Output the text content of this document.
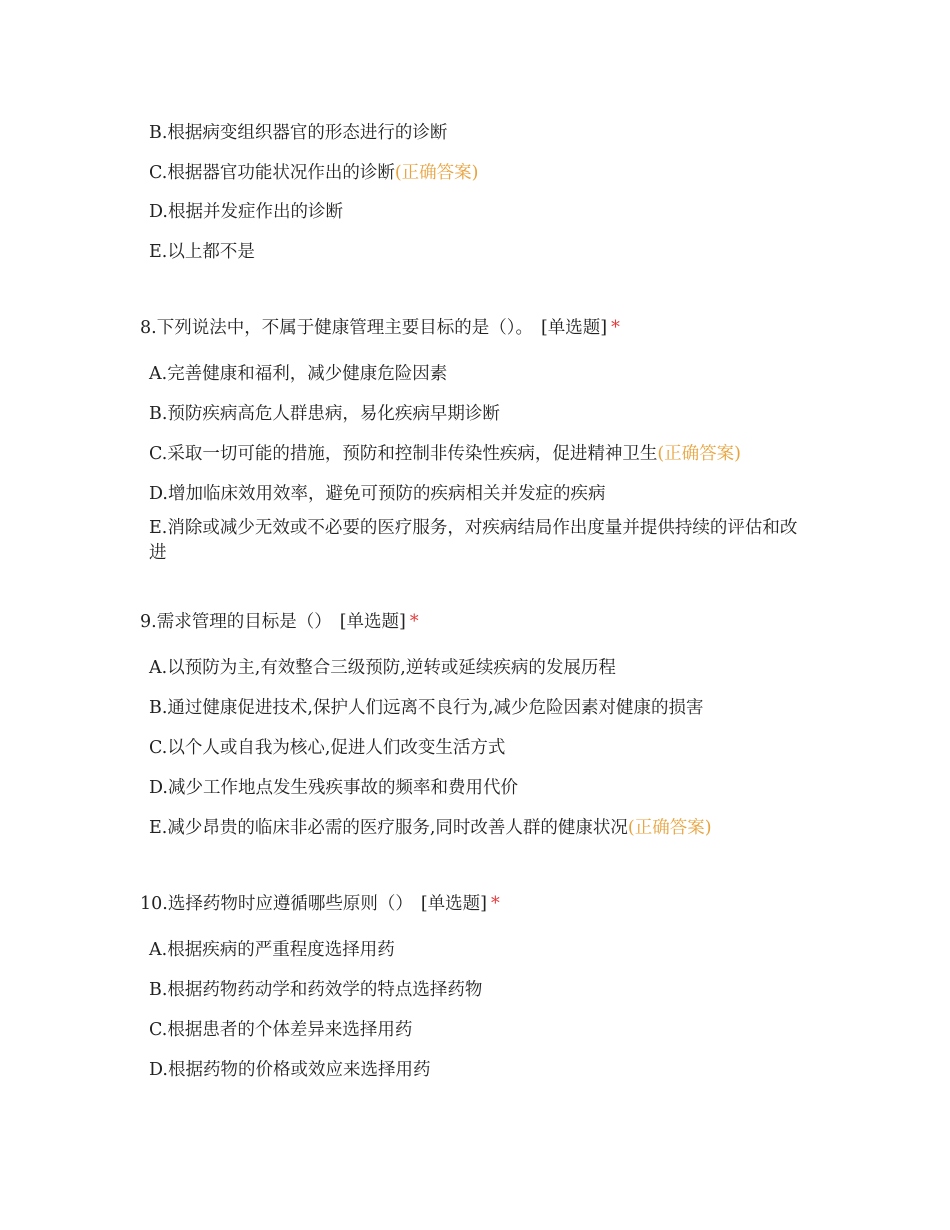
B.根据病变组织器官的形态进行的诊断
C.根据器官功能状况作出的诊断(正确答案)
D.根据并发症作出的诊断
E.以上都不是
8.下列说法中，不属于健康管理主要目标的是（）。 [单选题] *
A.完善健康和福利，减少健康危险因素
B.预防疾病高危人群患病，易化疾病早期诊断
C.采取一切可能的措施，预防和控制非传染性疾病，促进精神卫生(正确答案)
D.增加临床效用效率，避免可预防的疾病相关并发症的疾病
E.消除或减少无效或不必要的医疗服务，对疾病结局作出度量并提供持续的评估和改进
9.需求管理的目标是（） [单选题] *
A.以预防为主,有效整合三级预防,逆转或延续疾病的发展历程
B.通过健康促进技术,保护人们远离不良行为,减少危险因素对健康的损害
C.以个人或自我为核心,促进人们改变生活方式
D.减少工作地点发生残疾事故的频率和费用代价
E.减少昂贵的临床非必需的医疗服务,同时改善人群的健康状况(正确答案)
10.选择药物时应遵循哪些原则（） [单选题] *
A.根据疾病的严重程度选择用药
B.根据药物药动学和药效学的特点选择药物
C.根据患者的个体差异来选择用药
D.根据药物的价格或效应来选择用药
